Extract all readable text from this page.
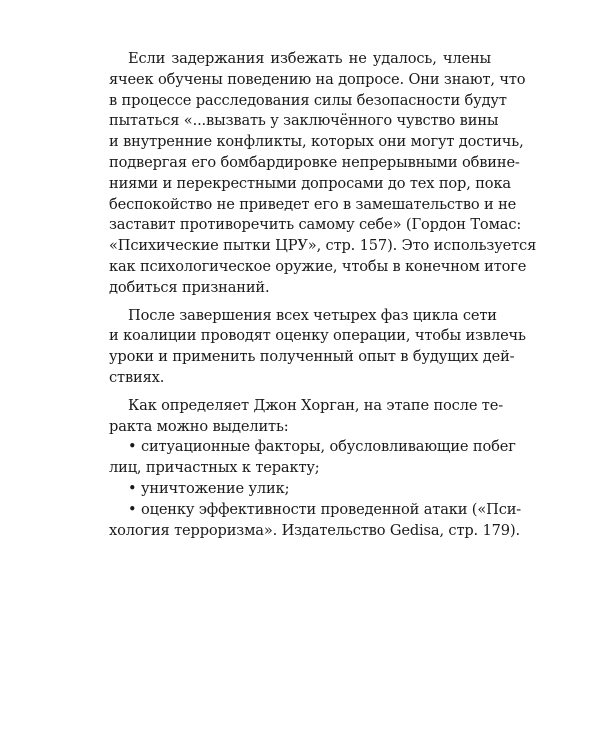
Если задержания избежать не удалось, члены
ячеек обучены поведению на допросе. Они знают, что
в процессе расследования силы безопасности будут
пытаться «...вызвать у заключённого чувство вины
и внутренние конфликты, которых они могут достичь,
подвергая его бомбардировке непрерывными обвине-
ниями и перекрестными допросами до тех пор, пока
беспокойство не приведет его в замешательство и не
заставит противоречить самому себе» (Гордон Томас:
«Психические пытки ЦРУ», стр. 157). Это используется
как психологическое оружие, чтобы в конечном итоге
добиться признаний.
После завершения всех четырех фаз цикла сети
и коалиции проводят оценку операции, чтобы извлечь
уроки и применить полученный опыт в будущих дей-
ствиях.
Как определяет Джон Хорган, на этапе после те-
ракта можно выделить:
• ситуационные факторы, обусловливающие побег
лиц, причастных к теракту;
• уничтожение улик;
• оценку эффективности проведенной атаки («Пси-
хология терроризма». Издательство Gedisa, стр. 179).
